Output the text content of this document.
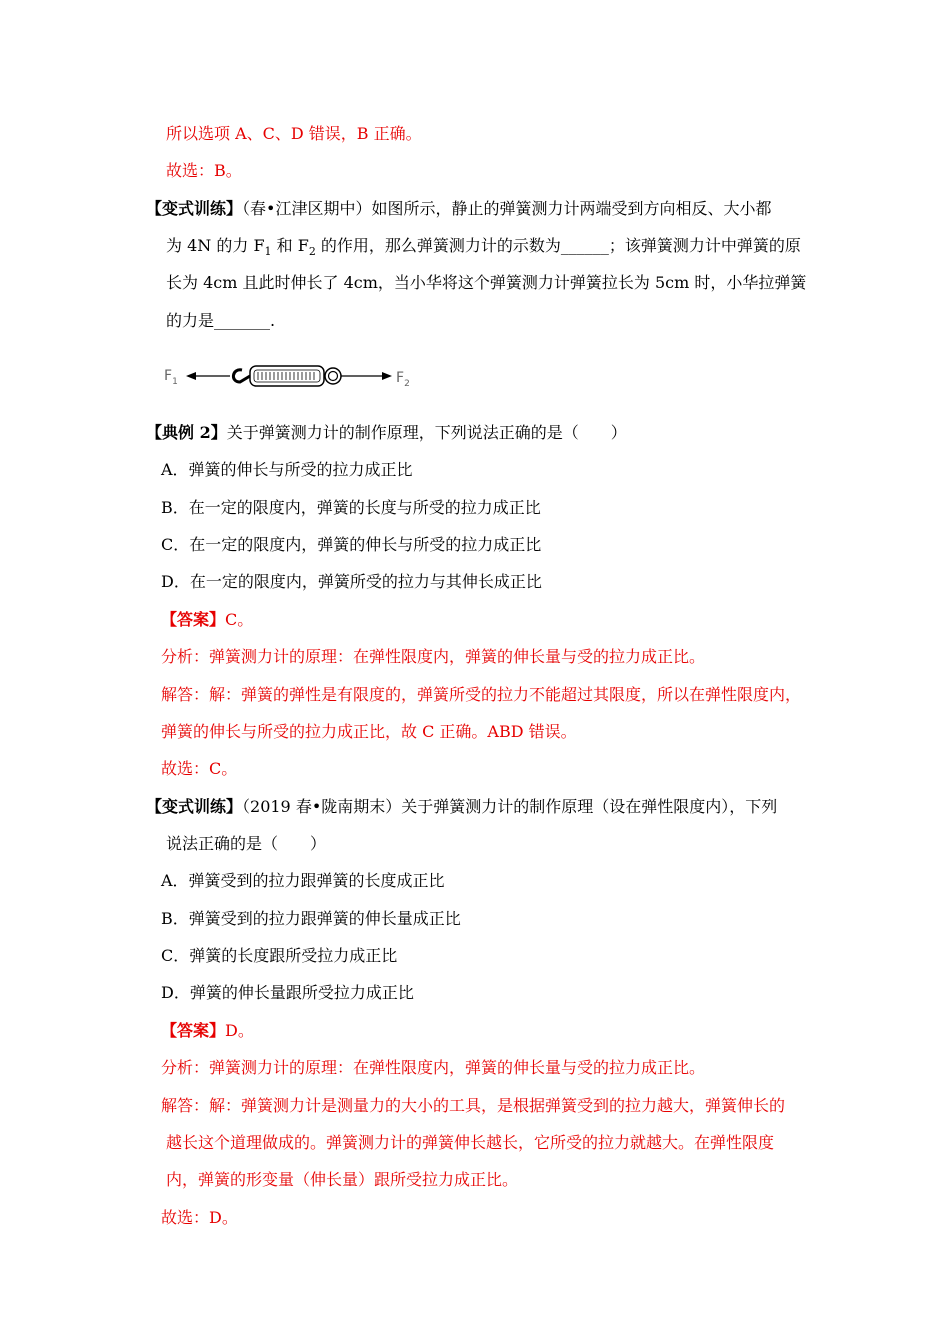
所以选项 A、C、D 错误，B 正确。
故选：B。
【变式训练】（春•江津区期中）如图所示，静止的弹簧测力计两端受到方向相反、大小都
为 4N 的力 $F_1$ 和 $F_2$ 的作用，那么弹簧测力计的示数为______；该弹簧测力计中弹簧的原
长为 4cm 且此时伸长了 4cm，当小华将这个弹簧测力计弹簧拉长为 5cm 时，小华拉弹簧
的力是_______.
$F_1$	$F_2$
【典例 2】关于弹簧测力计的制作原理，下列说法正确的是（　　）
A．弹簧的伸长与所受的拉力成正比
B．在一定的限度内，弹簧的长度与所受的拉力成正比
C．在一定的限度内，弹簧的伸长与所受的拉力成正比
D．在一定的限度内，弹簧所受的拉力与其伸长成正比
【答案】C。
分析：弹簧测力计的原理：在弹性限度内，弹簧的伸长量与受的拉力成正比。
解答：解：弹簧的弹性是有限度的，弹簧所受的拉力不能超过其限度，所以在弹性限度内，
弹簧的伸长与所受的拉力成正比，故 C 正确。ABD 错误。
故选：C。
【变式训练】（2019 春•陇南期末）关于弹簧测力计的制作原理（设在弹性限度内），下列
说法正确的是（　　）
A．弹簧受到的拉力跟弹簧的长度成正比
B．弹簧受到的拉力跟弹簧的伸长量成正比
C．弹簧的长度跟所受拉力成正比
D．弹簧的伸长量跟所受拉力成正比
【答案】D。
分析：弹簧测力计的原理：在弹性限度内，弹簧的伸长量与受的拉力成正比。
解答：解：弹簧测力计是测量力的大小的工具，是根据弹簧受到的拉力越大，弹簧伸长的
越长这个道理做成的。弹簧测力计的弹簧伸长越长，它所受的拉力就越大。在弹性限度
内，弹簧的形变量（伸长量）跟所受拉力成正比。
故选：D。
